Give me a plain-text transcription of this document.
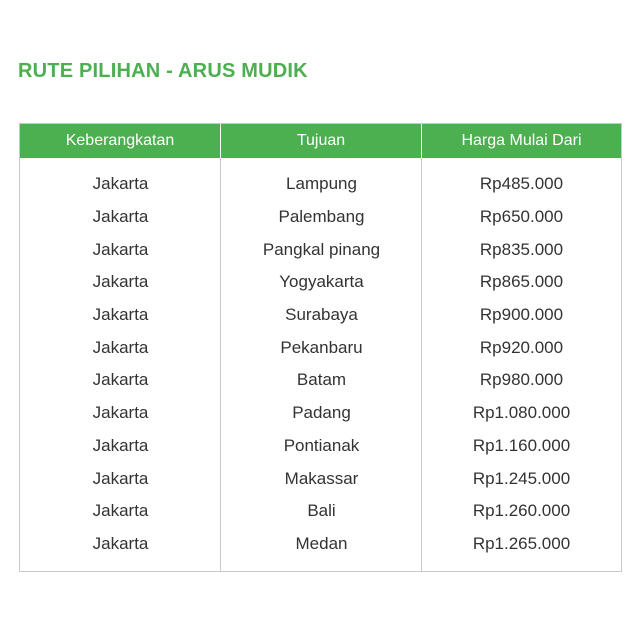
RUTE PILIHAN - ARUS MUDIK
Keberangkatan	Tujuan	Harga Mulai Dari
Jakarta	Lampung	Rp485.000
Jakarta	Palembang	Rp650.000
Jakarta	Pangkal pinang	Rp835.000
Jakarta	Yogyakarta	Rp865.000
Jakarta	Surabaya	Rp900.000
Jakarta	Pekanbaru	Rp920.000
Jakarta	Batam	Rp980.000
Jakarta	Padang	Rp1.080.000
Jakarta	Pontianak	Rp1.160.000
Jakarta	Makassar	Rp1.245.000
Jakarta	Bali	Rp1.260.000
Jakarta	Medan	Rp1.265.000
